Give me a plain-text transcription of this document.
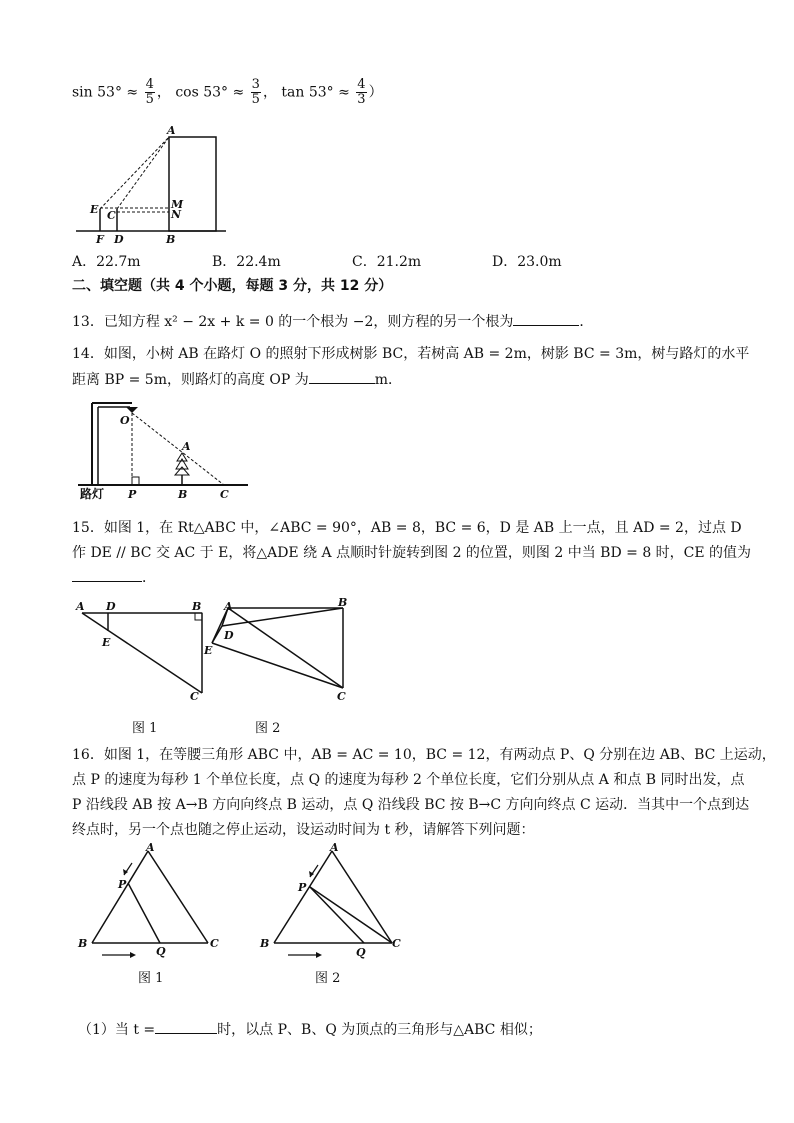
$\sin 53^\circ \approx \frac{4}{5}$ ， $\cos 53^\circ \approx \frac{3}{5}$ ， $\tan 53^\circ \approx \frac{4}{3}$ ）
A
E C
M
N
F D	B
A．22.7m	B．22.4m	C．21.2m	D．23.0m
二、填空题（共 4 个小题，每题 3 分，共 12 分）
13．已知方程 x² − 2x + k = 0 的一个根为 −2，则方程的另一个根为	．
14．如图，小树 AB 在路灯 O 的照射下形成树影 BC，若树高 AB = 2m，树影 BC = 3m，树与路灯的水平
距离 BP = 5m，则路灯的高度 OP 为	m．
O
A
P	B	C
路灯
15．如图 1，在 Rt△ABC 中，∠ABC = 90°，AB = 8，BC = 6，D 是 AB 上一点，且 AD = 2，过点 D
作 DE // BC 交 AC 于 E，将△ADE 绕 A 点顺时针旋转到图 2 的位置，则图 2 中当 BD = 8 时，CE 的值为
．
A D	B
E
C
A
D
B
E
C
图 1	图 2
16．如图 1，在等腰三角形 ABC 中，AB = AC = 10，BC = 12，有两动点 P、Q 分别在边 AB、BC 上运动，
点 P 的速度为每秒 1 个单位长度，点 Q 的速度为每秒 2 个单位长度，它们分别从点 A 和点 B 同时出发，点
P 沿线段 AB 按 A→B 方向向终点 B 运动，点 Q 沿线段 BC 按 B→C 方向向终点 C 运动．当其中一个点到达
终点时，另一个点也随之停止运动，设运动时间为 t 秒，请解答下列问题：
A
P
B
Q
C
A
P
B
Q
C
图 1	图 2
（1）当 t =	时，以点 P、B、Q 为顶点的三角形与△ABC 相似；
